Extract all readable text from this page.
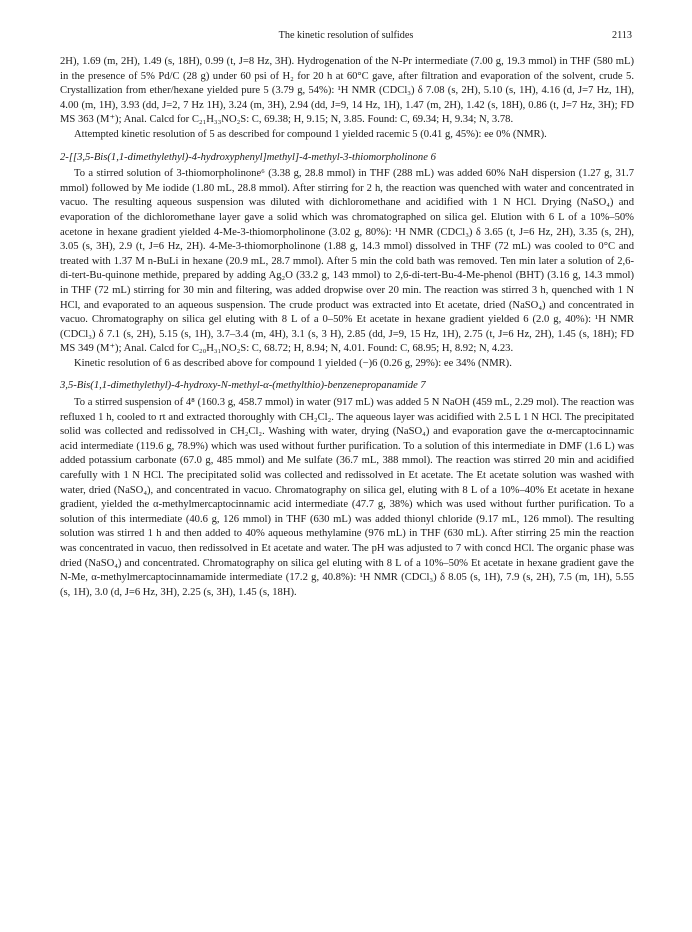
The kinetic resolution of sulfides	2113

2H), 1.69 (m, 2H), 1.49 (s, 18H), 0.99 (t, J=8 Hz, 3H). Hydrogenation of the N-Pr intermediate (7.00 g, 19.3 mmol) in THF (580 mL) in the presence of 5% Pd/C (28 g) under 60 psi of H₂ for 20 h at 60°C gave, after filtration and evaporation of the solvent, crude 5. Crystallization from ether/hexane yielded pure 5 (3.79 g, 54%): ¹H NMR (CDCl₃) δ 7.08 (s, 2H), 5.10 (s, 1H), 4.16 (d, J=7 Hz, 1H), 4.00 (m, 1H), 3.93 (dd, J=2, 7 Hz 1H), 3.24 (m, 3H), 2.94 (dd, J=9, 14 Hz, 1H), 1.47 (m, 2H), 1.42 (s, 18H), 0.86 (t, J=7 Hz, 3H); FD MS 363 (M⁺); Anal. Calcd for C₂₁H₃₃NO₂S: C, 69.38; H, 9.15; N, 3.85. Found: C, 69.34; H, 9.34; N, 3.78.

Attempted kinetic resolution of 5 as described for compound 1 yielded racemic 5 (0.41 g, 45%): ee 0% (NMR).

2-[[3,5-Bis(1,1-dimethylethyl)-4-hydroxyphenyl]methyl]-4-methyl-3-thiomorpholinone 6

To a stirred solution of 3-thiomorpholinone⁶ (3.38 g, 28.8 mmol) in THF (288 mL) was added 60% NaH dispersion (1.27 g, 31.7 mmol) followed by Me iodide (1.80 mL, 28.8 mmol). After stirring for 2 h, the reaction was quenched with water and concentrated in vacuo. The resulting aqueous suspension was diluted with dichloromethane and acidified with 1 N HCl. Drying (NaSO₄) and evaporation of the dichloromethane layer gave a solid which was chromatographed on silica gel. Elution with 6 L of a 10%–50% acetone in hexane gradient yielded 4-Me-3-thiomorpholinone (3.02 g, 80%): ¹H NMR (CDCl₃) δ 3.65 (t, J=6 Hz, 2H), 3.35 (s, 2H), 3.05 (s, 3H), 2.9 (t, J=6 Hz, 2H). 4-Me-3-thiomorpholinone (1.88 g, 14.3 mmol) dissolved in THF (72 mL) was cooled to 0°C and treated with 1.37 M n-BuLi in hexane (20.9 mL, 28.7 mmol). After 5 min the cold bath was removed. Ten min later a solution of 2,6-di-tert-Bu-quinone methide, prepared by adding Ag₂O (33.2 g, 143 mmol) to 2,6-di-tert-Bu-4-Me-phenol (BHT) (3.16 g, 14.3 mmol) in THF (72 mL) stirring for 30 min and filtering, was added dropwise over 20 min. The reaction was stirred 3 h, quenched with 1 N HCl, and evaporated to an aqueous suspension. The crude product was extracted into Et acetate, dried (NaSO₄) and concentrated in vacuo. Chromatography on silica gel eluting with 8 L of a 0–50% Et acetate in hexane gradient yielded 6 (2.0 g, 40%): ¹H NMR (CDCl₃) δ 7.1 (s, 2H), 5.15 (s, 1H), 3.7–3.4 (m, 4H), 3.1 (s, 3 H), 2.85 (dd, J=9, 15 Hz, 1H), 2.75 (t, J=6 Hz, 2H), 1.45 (s, 18H); FD MS 349 (M⁺); Anal. Calcd for C₂₀H₃₁NO₂S: C, 68.72; H, 8.94; N, 4.01. Found: C, 68.95; H, 8.92; N, 4.23.

Kinetic resolution of 6 as described above for compound 1 yielded (−)6 (0.26 g, 29%): ee 34% (NMR).

3,5-Bis(1,1-dimethylethyl)-4-hydroxy-N-methyl-α-(methylthio)-benzenepropanamide 7

To a stirred suspension of 4⁸ (160.3 g, 458.7 mmol) in water (917 mL) was added 5 N NaOH (459 mL, 2.29 mol). The reaction was refluxed 1 h, cooled to rt and extracted thoroughly with CH₂Cl₂. The aqueous layer was acidified with 2.5 L 1 N HCl. The precipitated solid was collected and redissolved in CH₂Cl₂. Washing with water, drying (NaSO₄) and evaporation gave the α-mercaptocinnamic acid intermediate (119.6 g, 78.9%) which was used without further purification. To a solution of this intermediate in DMF (1.6 L) was added potassium carbonate (67.0 g, 485 mmol) and Me sulfate (36.7 mL, 388 mmol). The reaction was stirred 20 min and acidified carefully with 1 N HCl. The precipitated solid was collected and redissolved in Et acetate. The Et acetate solution was washed with water, dried (NaSO₄), and concentrated in vacuo. Chromatography on silica gel, eluting with 8 L of a 10%–40% Et acetate in hexane gradient, yielded the α-methylmercaptocinnamic acid intermediate (47.7 g, 38%) which was used without further purification. To a solution of this intermediate (40.6 g, 126 mmol) in THF (630 mL) was added thionyl chloride (9.17 mL, 126 mmol). The resulting solution was stirred 1 h and then added to 40% aqueous methylamine (976 mL) in THF (630 mL). After stirring 25 min the reaction was concentrated in vacuo, then redissolved in Et acetate and water. The pH was adjusted to 7 with concd HCl. The organic phase was dried (NaSO₄) and concentrated. Chromatography on silica gel eluting with 8 L of a 10%–50% Et acetate in hexane gradient gave the N-Me, α-methylmercaptocinnamamide intermediate (17.2 g, 40.8%): ¹H NMR (CDCl₃) δ 8.05 (s, 1H), 7.9 (s, 2H), 7.5 (m, 1H), 5.55 (s, 1H), 3.0 (d, J=6 Hz, 3H), 2.25 (s, 3H), 1.45 (s, 18H).
